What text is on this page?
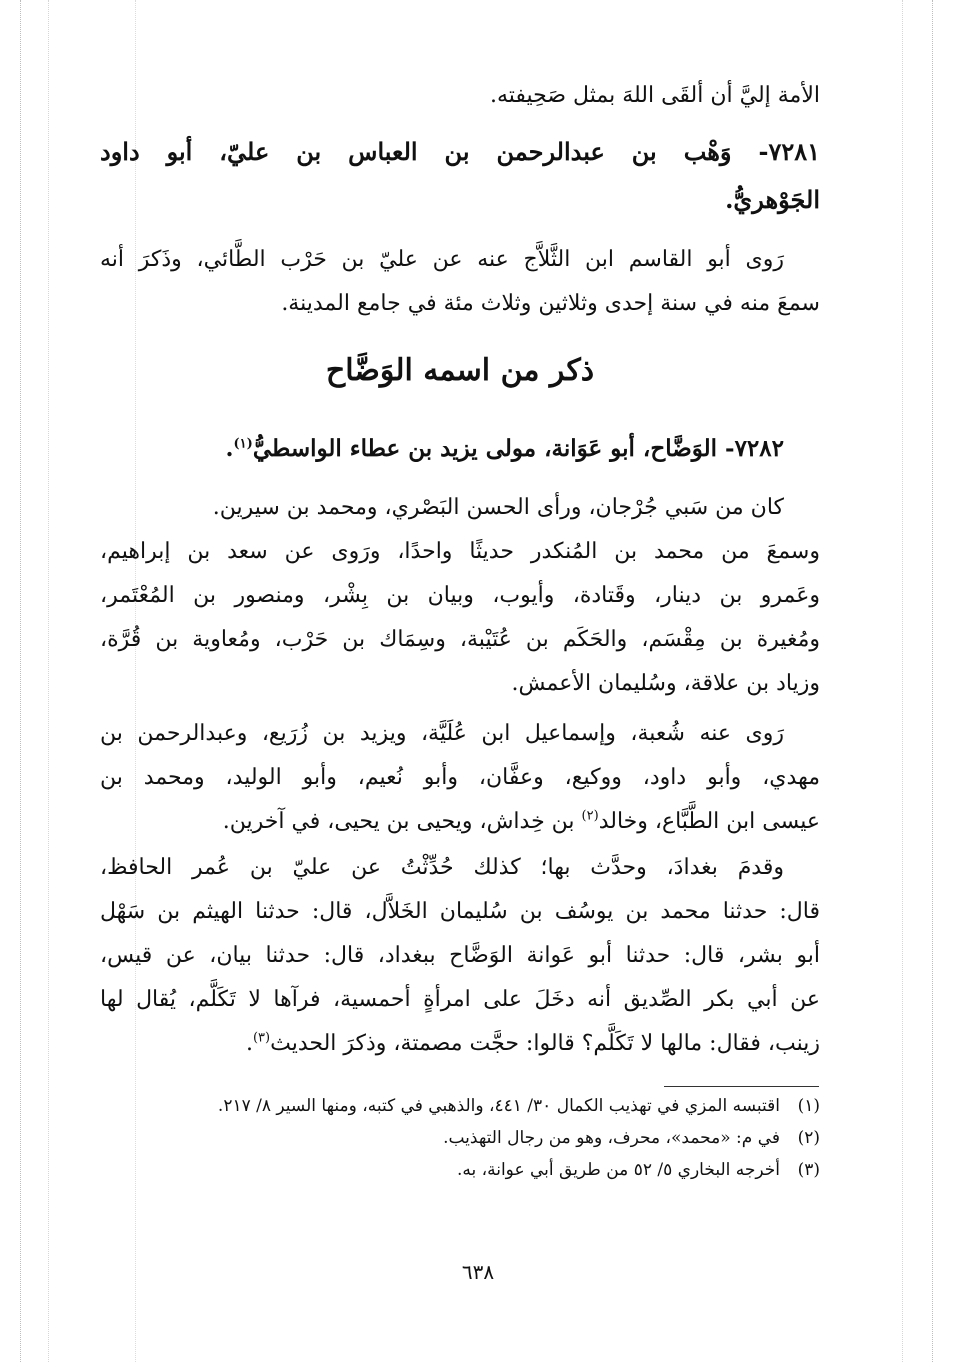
الأمة إليَّ أن ألقَى اللهَ بمثل صَحِيفته.
٧٢٨١- وَهْب بن عبدالرحمن بن العباس بن عليّ، أبو داود
الجَوْهريُّ.
رَوى أبو القاسم ابن الثَّلاَّج عنه عن عليّ بن حَرْب الطَّائي، وذَكرَ أنه
سمعَ منه في سنة إحدى وثلاثين وثلاث مئة في جامع المدينة.
ذكر من اسمه الوَضَّاح
٧٢٨٢- الوَضَّاح، أبو عَوَانة، مولى يزيد بن عطاء الواسطيُّ$^{(١)}$.
كان من سَبي جُرْجان، ورأى الحسن البَصْري، ومحمد بن سيرين.
وسمعَ من محمد بن المُنكدر حديثًا واحدًا، ورَوى عن سعد بن إبراهيم،
وعَمرو بن دينار، وقَتادة، وأيوب، وبيان بن بِشْر، ومنصور بن المُعْتَمر،
ومُغيرة بن مِقْسَم، والحَكَم بن عُتَيْبة، وسِمَاك بن حَرْب، ومُعاوية بن قُرَّة،
وزياد بن علاقة، وسُليمان الأعمش.
رَوى عنه شُعبة، وإسماعيل ابن عُلَيَّة، ويزيد بن زُرَيع، وعبدالرحمن بن
مهدي، وأبو داود، ووكيع، وعفَّان، وأبو نُعيم، وأبو الوليد، ومحمد بن
عيسى ابن الطَّبَّاع، وخالد$^{(٢)}$ بن خِداش، ويحيى بن يحيى، في آخرين.
وقدمَ بغدادَ، وحدَّث بها؛ كذلك حُدِّثْتُ عن عليّ بن عُمر الحافظ،
قال: حدثنا محمد بن يوسُف بن سُليمان الخَلاَّل، قال: حدثنا الهيثم بن سَهْل
أبو بشر، قال: حدثنا أبو عَوانة الوَضَّاح ببغداد، قال: حدثنا بيان، عن قيس،
عن أبي بكر الصِّديق أنه دخَلَ على امرأةٍ أحمسية، فرآها لا تَكَلَّم، يُقال لها
زينب، فقال: مالها لا تَكَلَّم؟ قالوا: حجَّت مصمتة، وذكرَ الحديث$^{(٣)}$.
(١)اقتبسه المزي في تهذيب الكمال ٣٠/ ٤٤١، والذهبي في كتبه، ومنها السير ٨/ ٢١٧.
(٢)في م: «محمد»، محرف، وهو من رجال التهذيب.
(٣)أخرجه البخاري ٥/ ٥٢ من طريق أبي عوانة، به.
٦٣٨
